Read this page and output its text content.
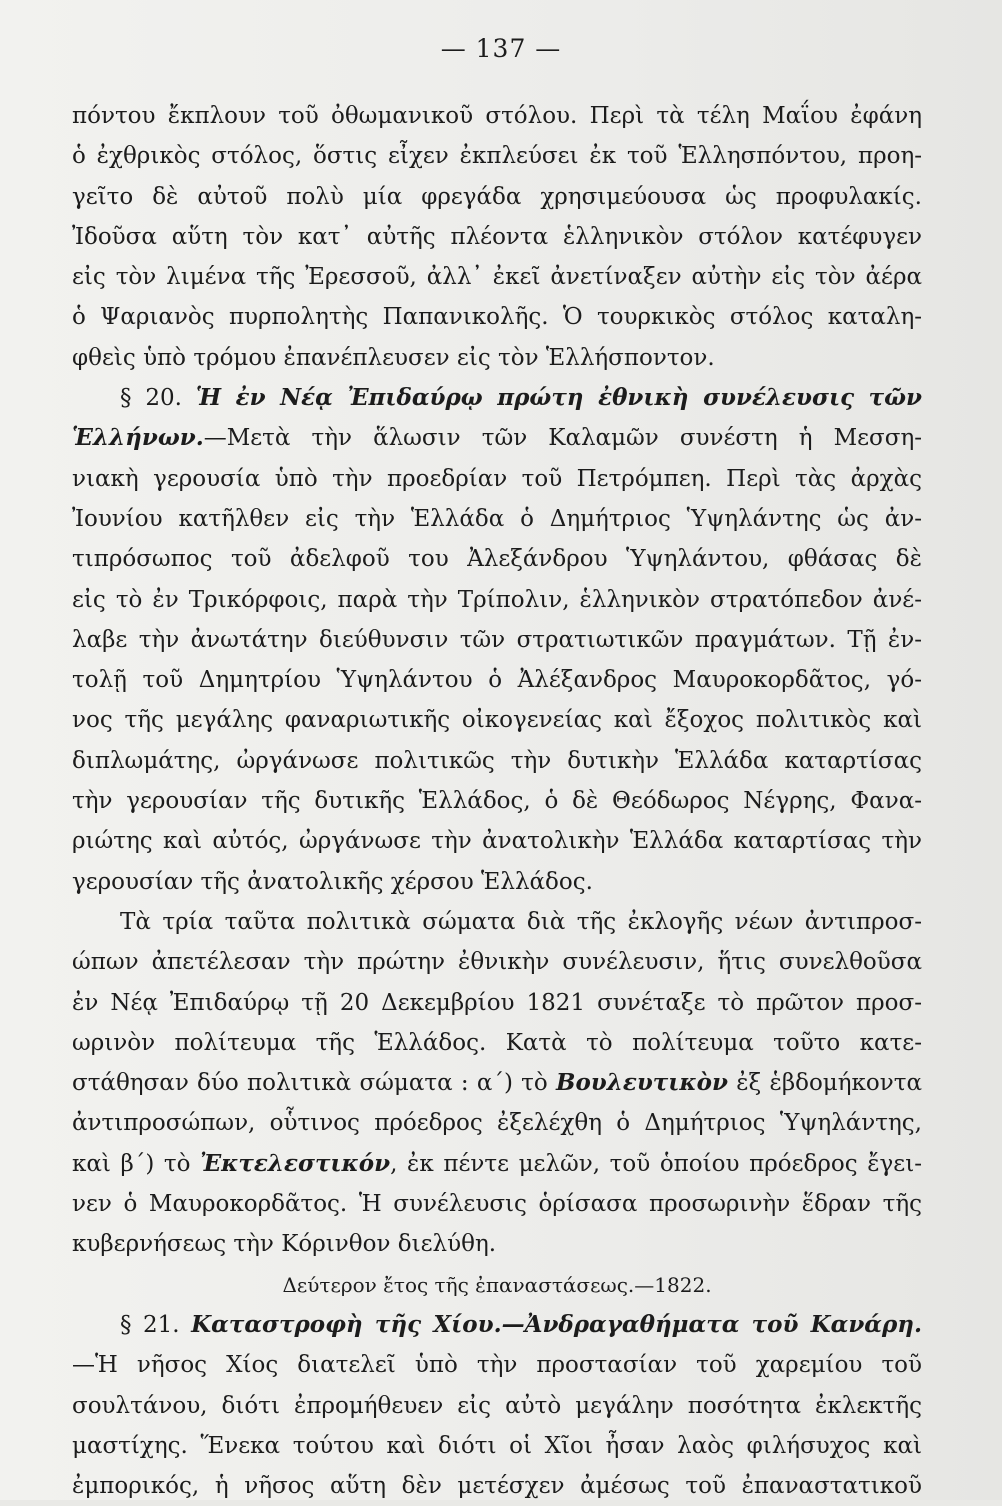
— 137 —
πόντου ἔκπλουν τοῦ ὀθωμανικοῦ στόλου. Περὶ τὰ τέλη Μαΐου ἐφάνη
ὁ ἐχθρικὸς στόλος, ὅστις εἶχεν ἐκπλεύσει ἐκ τοῦ Ἑλλησπόντου, προη-
γεῖτο δὲ αὐτοῦ πολὺ μία φρεγάδα χρησιμεύουσα ὡς προφυλακίς.
Ἰδοῦσα αὕτη τὸν κατ᾽ αὐτῆς πλέοντα ἑλληνικὸν στόλον κατέφυγεν
εἰς τὸν λιμένα τῆς Ἐρεσσοῦ, ἀλλ᾽ ἐκεῖ ἀνετίναξεν αὐτὴν εἰς τὸν ἀέρα
ὁ Ψαριανὸς πυρπολητὴς Παπανικολῆς. Ὁ τουρκικὸς στόλος καταλη-
φθεὶς ὑπὸ τρόμου ἐπανέπλευσεν εἰς τὸν Ἑλλήσποντον.
§ 20. Ἡ ἐν Νέᾳ Ἐπιδαύρῳ πρώτη ἐθνικὴ συνέλευσις τῶν
Ἑλλήνων.—Μετὰ τὴν ἅλωσιν τῶν Καλαμῶν συνέστη ἡ Μεσση-
νιακὴ γερουσία ὑπὸ τὴν προεδρίαν τοῦ Πετρόμπεη. Περὶ τὰς ἀρχὰς
Ἰουνίου κατῆλθεν εἰς τὴν Ἑλλάδα ὁ Δημήτριος Ὑψηλάντης ὡς ἀν-
τιπρόσωπος τοῦ ἀδελφοῦ του Ἀλεξάνδρου Ὑψηλάντου, φθάσας δὲ
εἰς τὸ ἐν Τρικόρφοις, παρὰ τὴν Τρίπολιν, ἑλληνικὸν στρατόπεδον ἀνέ-
λαβε τὴν ἀνωτάτην διεύθυνσιν τῶν στρατιωτικῶν πραγμάτων. Τῇ ἐν-
τολῇ τοῦ Δημητρίου Ὑψηλάντου ὁ Ἀλέξανδρος Μαυροκορδᾶτος, γό-
νος τῆς μεγάλης φαναριωτικῆς οἰκογενείας καὶ ἔξοχος πολιτικὸς καὶ
διπλωμάτης, ὠργάνωσε πολιτικῶς τὴν δυτικὴν Ἑλλάδα καταρτίσας
τὴν γερουσίαν τῆς δυτικῆς Ἑλλάδος, ὁ δὲ Θεόδωρος Νέγρης, Φανα-
ριώτης καὶ αὐτός, ὠργάνωσε τὴν ἀνατολικὴν Ἑλλάδα καταρτίσας τὴν
γερουσίαν τῆς ἀνατολικῆς χέρσου Ἑλλάδος.
Τὰ τρία ταῦτα πολιτικὰ σώματα διὰ τῆς ἐκλογῆς νέων ἀντιπροσ-
ώπων ἀπετέλεσαν τὴν πρώτην ἐθνικὴν συνέλευσιν, ἥτις συνελθοῦσα
ἐν Νέᾳ Ἐπιδαύρῳ τῇ 20 Δεκεμβρίου 1821 συνέταξε τὸ πρῶτον προσ-
ωρινὸν πολίτευμα τῆς Ἑλλάδος. Κατὰ τὸ πολίτευμα τοῦτο κατε-
στάθησαν δύο πολιτικὰ σώματα : α΄) τὸ Βουλευτικὸν ἐξ ἑβδομήκοντα
ἀντιπροσώπων, οὗτινος πρόεδρος ἐξελέχθη ὁ Δημήτριος Ὑψηλάντης,
καὶ β΄) τὸ Ἐκτελεστικόν, ἐκ πέντε μελῶν, τοῦ ὁποίου πρόεδρος ἔγει-
νεν ὁ Μαυροκορδᾶτος. Ἡ συνέλευσις ὁρίσασα προσωρινὴν ἕδραν τῆς
κυβερνήσεως τὴν Κόρινθον διελύθη.
Δεύτερον ἔτος τῆς ἐπαναστάσεως.—1822.
§ 21. Καταστροφὴ τῆς Χίου.—Ἀνδραγαθήματα τοῦ Κανάρη.
—Ἡ νῆσος Χίος διατελεῖ ὑπὸ τὴν προστασίαν τοῦ χαρεμίου τοῦ
σουλτάνου, διότι ἐπρομήθευεν εἰς αὐτὸ μεγάλην ποσότητα ἐκλεκτῆς
μαστίχης. Ἕνεκα τούτου καὶ διότι οἱ Χῖοι ἦσαν λαὸς φιλήσυχος καὶ
ἐμπορικός, ἡ νῆσος αὕτη δὲν μετέσχεν ἀμέσως τοῦ ἐπαναστατικοῦ
